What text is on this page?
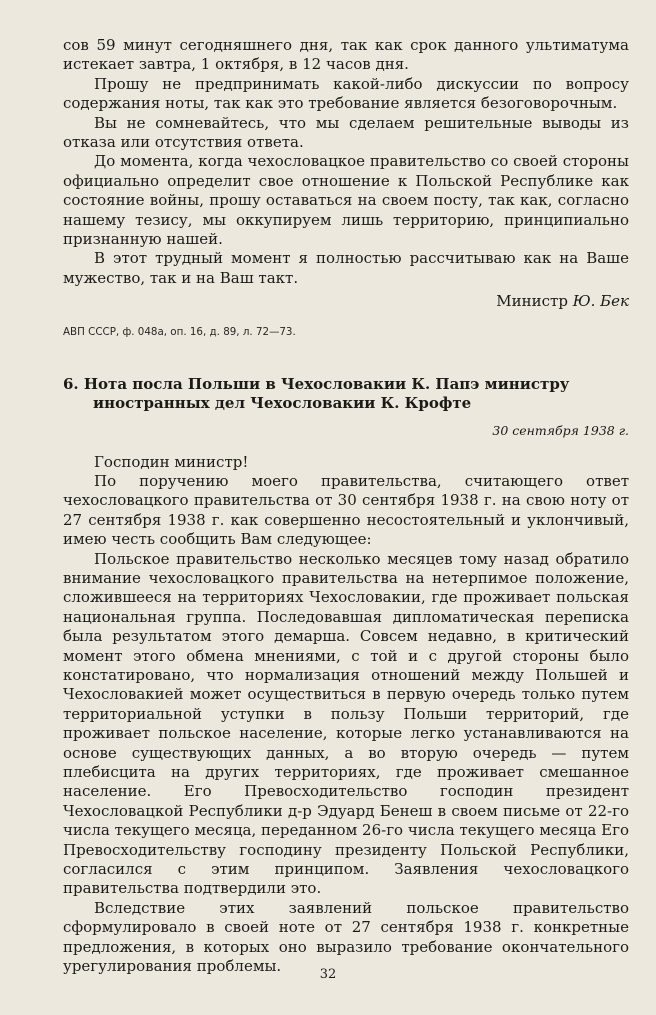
сов 59 минут сегодняшнего дня, так как срок данного ультиматума истекает завтра, 1 октября, в 12 часов дня.

Прошу не предпринимать какой-либо дискуссии по вопросу содержания ноты, так как это требование является безоговорочным.

Вы не сомневайтесь, что мы сделаем решительные выводы из отказа или отсутствия ответа.

До момента, когда чехословацкое правительство со своей стороны официально определит свое отношение к Польской Республике как состояние войны, прошу оставаться на своем посту, так как, согласно нашему тезису, мы оккупируем лишь территорию, принципиально признанную нашей.

В этот трудный момент я полностью рассчитываю как на Ваше мужество, так и на Ваш такт.

Министр Ю. Бек

АВП СССР, ф. 048а, оп. 16, д. 89, л. 72—73.

6. Нота посла Польши в Чехословакии К. Папэ министру иностранных дел Чехословакии К. Крофте

30 сентября 1938 г.

Господин министр!

По поручению моего правительства, считающего ответ чехословацкого правительства от 30 сентября 1938 г. на свою ноту от 27 сентября 1938 г. как совершенно несостоятельный и уклончивый, имею честь сообщить Вам следующее:

Польское правительство несколько месяцев тому назад обратило внимание чехословацкого правительства на нетерпимое положение, сложившееся на территориях Чехословакии, где проживает польская национальная группа. Последовавшая дипломатическая переписка была результатом этого демарша. Совсем недавно, в критический момент этого обмена мнениями, с той и с другой стороны было констатировано, что нормализация отношений между Польшей и Чехословакией может осуществиться в первую очередь только путем территориальной уступки в пользу Польши территорий, где проживает польское население, которые легко устанавливаются на основе существующих данных, а во вторую очередь — путем плебисцита на других территориях, где проживает смешанное население. Его Превосходительство господин президент Чехословацкой Республики д-р Эдуард Бенеш в своем письме от 22-го числа текущего месяца, переданном 26-го числа текущего месяца Его Превосходительству господину президенту Польской Республики, согласился с этим принципом. Заявления чехословацкого правительства подтвердили это.

Вследствие этих заявлений польское правительство сформулировало в своей ноте от 27 сентября 1938 г. конкретные предложения, в которых оно выразило требование окончательного урегулирования проблемы.	32
